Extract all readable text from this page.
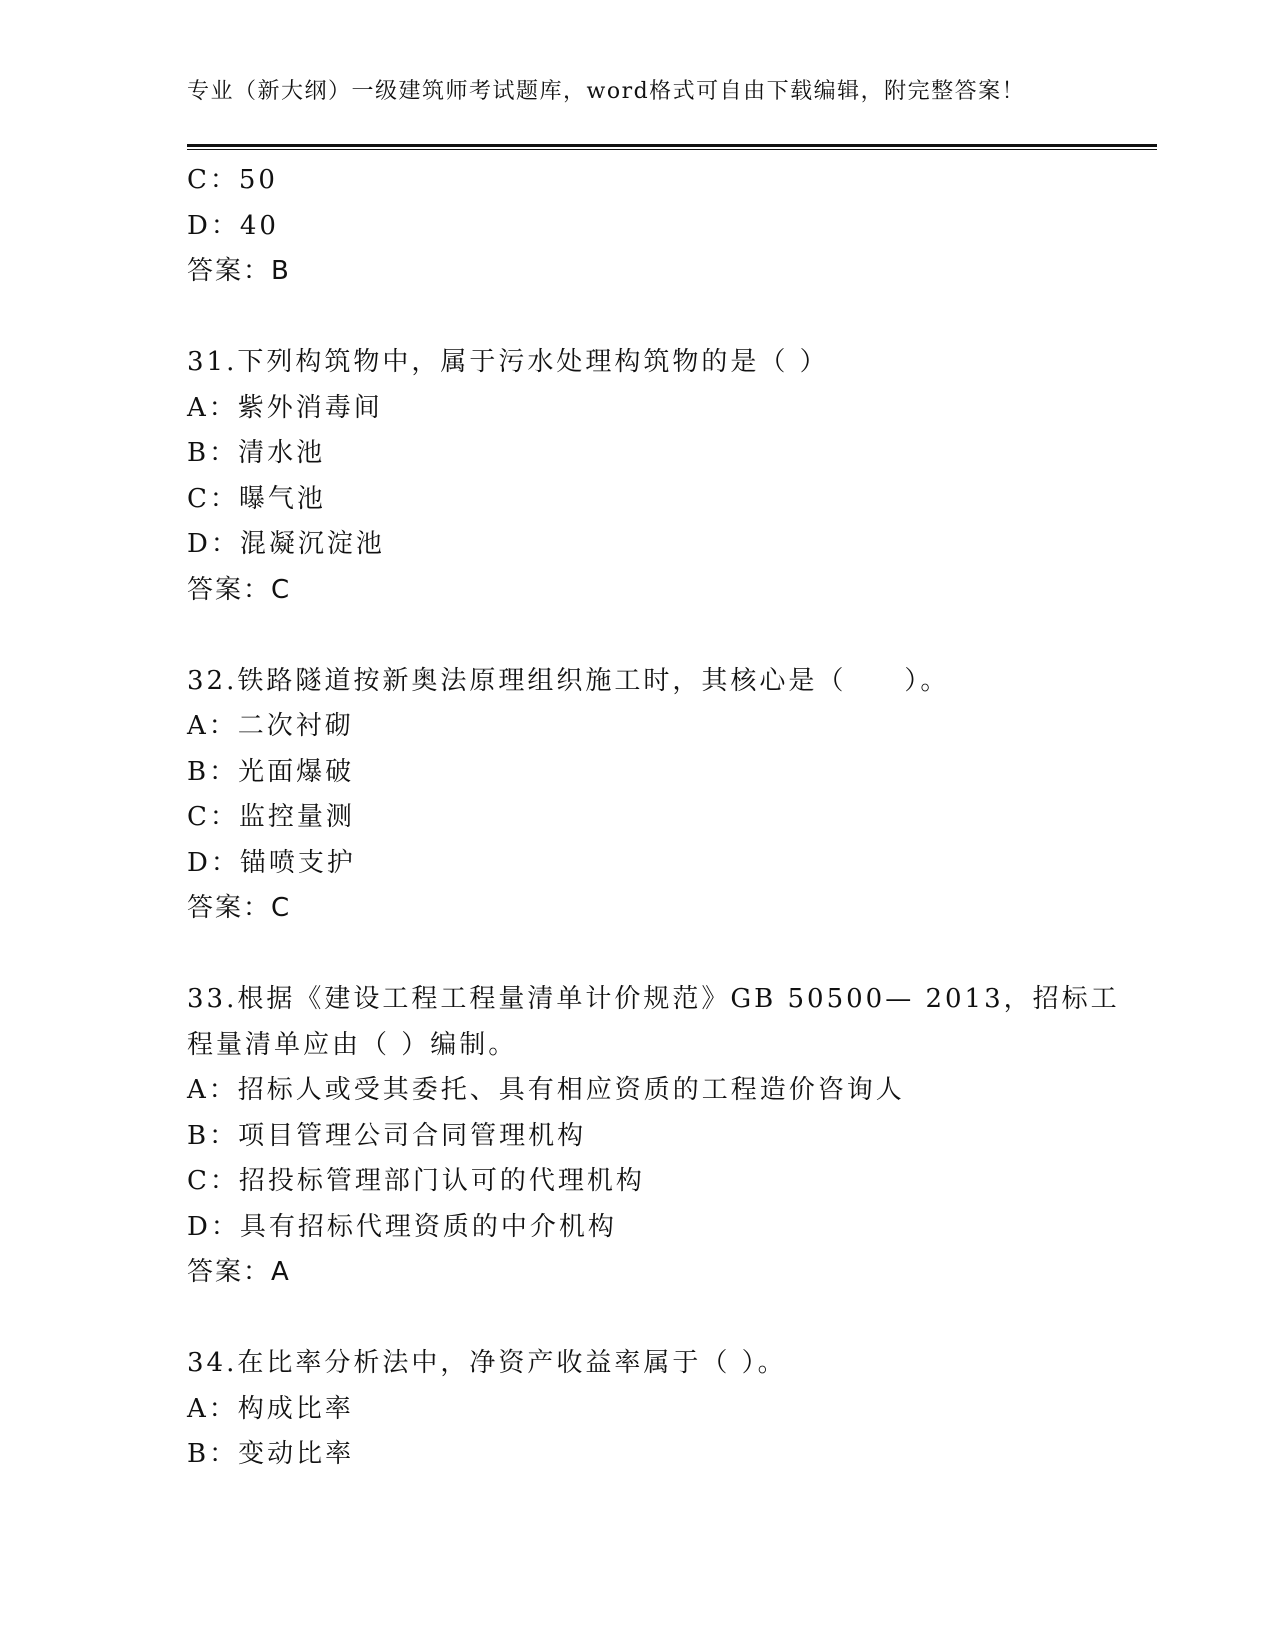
专业（新大纲）一级建筑师考试题库，word格式可自由下载编辑，附完整答案！
C：50
D：40
答案：B
31.下列构筑物中，属于污水处理构筑物的是（ ）
A：紫外消毒间
B：清水池
C：曝气池
D：混凝沉淀池
答案：C
32.铁路隧道按新奥法原理组织施工时，其核心是（　　）。
A：二次衬砌
B：光面爆破
C：监控量测
D：锚喷支护
答案：C
33.根据《建设工程工程量清单计价规范》GB 50500— 2013，招标工
程量清单应由（ ）编制。
A：招标人或受其委托、具有相应资质的工程造价咨询人
B：项目管理公司合同管理机构
C：招投标管理部门认可的代理机构
D：具有招标代理资质的中介机构
答案：A
34.在比率分析法中，净资产收益率属于（ ）。
A：构成比率
B：变动比率
